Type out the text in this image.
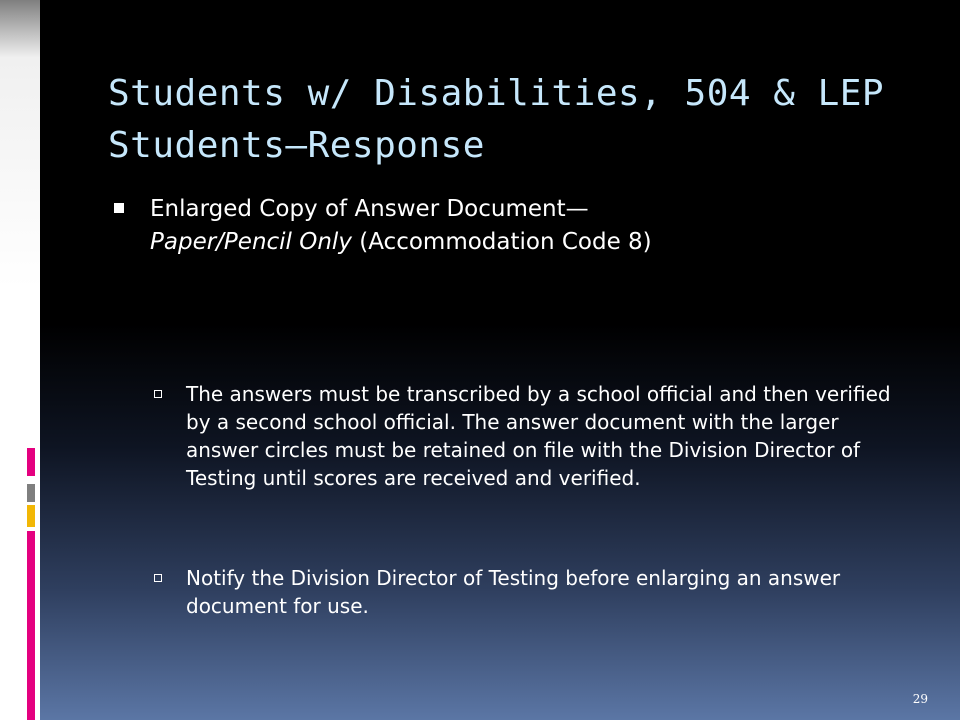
Students w/ Disabilities, 504 & LEP Students—Response
Enlarged Copy of Answer Document—
Paper/Pencil Only (Accommodation Code 8)
The answers must be transcribed by a school official and then verified by a second school official. The answer document with the larger answer circles must be retained on file with the Division Director of Testing until scores are received and verified.
Notify the Division Director of Testing before enlarging an answer document for use.
29
